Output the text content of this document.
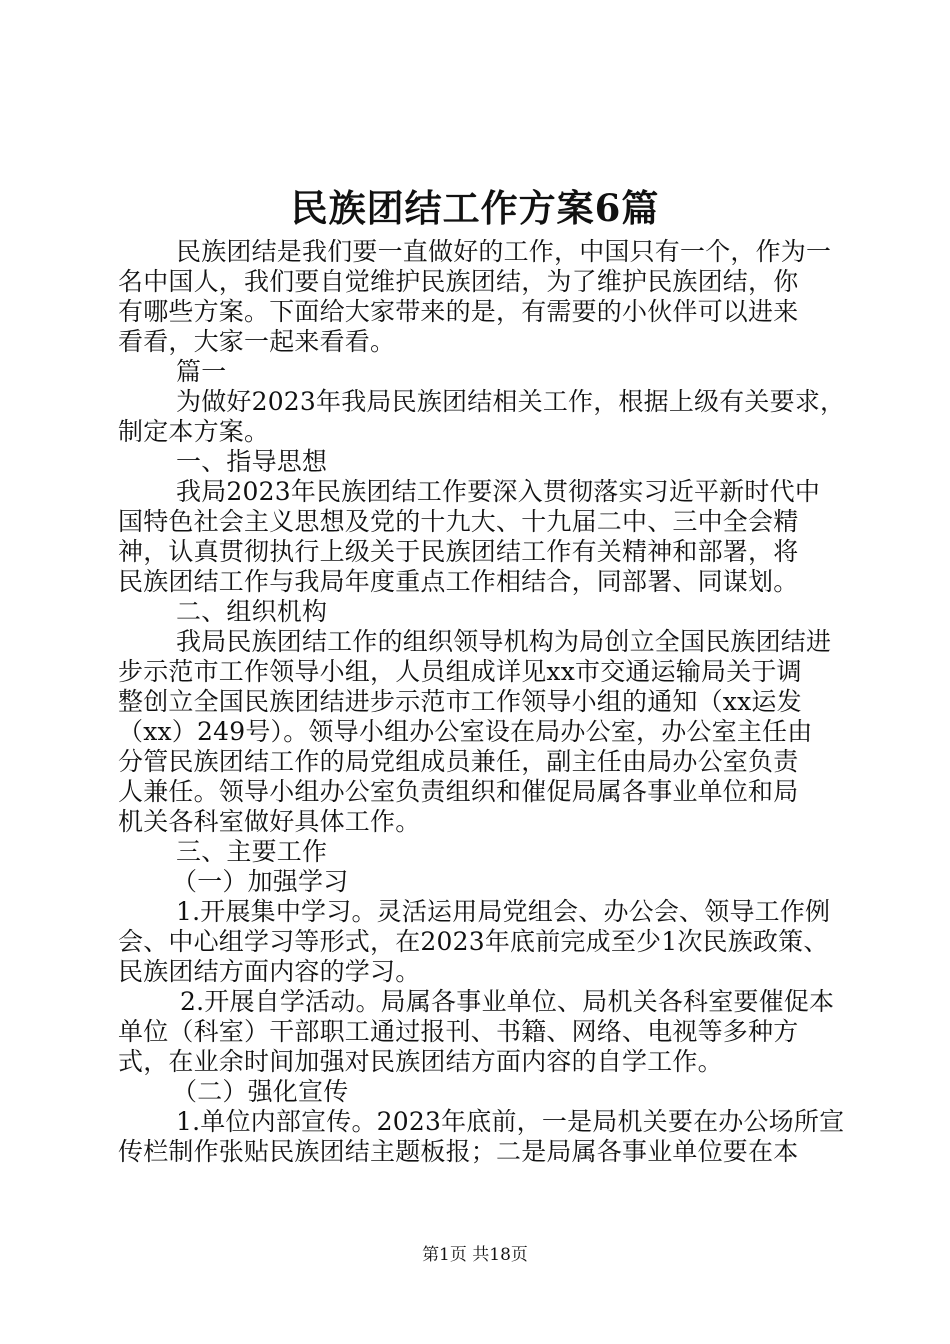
民族团结工作方案6篇
民族团结是我们要一直做好的工作，中国只有一个，作为一
名中国人，我们要自觉维护民族团结，为了维护民族团结，你
有哪些方案。下面给大家带来的是，有需要的小伙伴可以进来
看看，大家一起来看看。
篇一
为做好2023年我局民族团结相关工作，根据上级有关要求，
制定本方案。
一、指导思想
我局2023年民族团结工作要深入贯彻落实习近平新时代中
国特色社会主义思想及党的十九大、十九届二中、三中全会精
神，认真贯彻执行上级关于民族团结工作有关精神和部署，将
民族团结工作与我局年度重点工作相结合，同部署、同谋划。
二、组织机构
我局民族团结工作的组织领导机构为局创立全国民族团结进
步示范市工作领导小组，人员组成详见xx市交通运输局关于调
整创立全国民族团结进步示范市工作领导小组的通知（xx运发
（xx）249号）。领导小组办公室设在局办公室，办公室主任由
分管民族团结工作的局党组成员兼任，副主任由局办公室负责
人兼任。领导小组办公室负责组织和催促局属各事业单位和局
机关各科室做好具体工作。
三、主要工作
（一）加强学习
1.开展集中学习。灵活运用局党组会、办公会、领导工作例
会、中心组学习等形式，在2023年底前完成至少1次民族政策、
民族团结方面内容的学习。
2.开展自学活动。局属各事业单位、局机关各科室要催促本
单位（科室）干部职工通过报刊、书籍、网络、电视等多种方
式，在业余时间加强对民族团结方面内容的自学工作。
（二）强化宣传
1.单位内部宣传。2023年底前，一是局机关要在办公场所宣
传栏制作张贴民族团结主题板报；二是局属各事业单位要在本
第1页 共18页
